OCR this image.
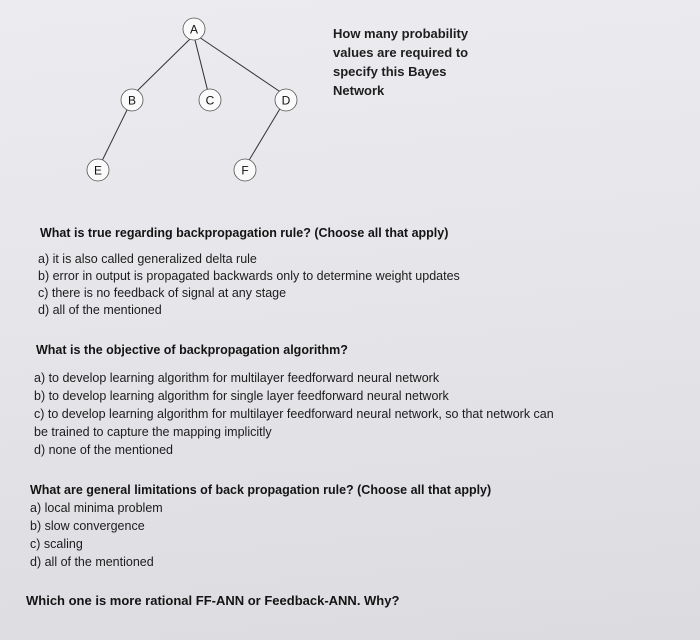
A
B	C	D
E	F
How many probability
values are required to
specify this Bayes
Network
What is true regarding backpropagation rule? (Choose all that apply)
a) it is also called generalized delta rule
b) error in output is propagated backwards only to determine weight updates
c) there is no feedback of signal at any stage
d) all of the mentioned
What is the objective of backpropagation algorithm?
a) to develop learning algorithm for multilayer feedforward neural network
b) to develop learning algorithm for single layer feedforward neural network
c) to develop learning algorithm for multilayer feedforward neural network, so that network can
be trained to capture the mapping implicitly
d) none of the mentioned
What are general limitations of back propagation rule? (Choose all that apply)
a) local minima problem
b) slow convergence
c) scaling
d) all of the mentioned
Which one is more rational FF-ANN or Feedback-ANN. Why?
